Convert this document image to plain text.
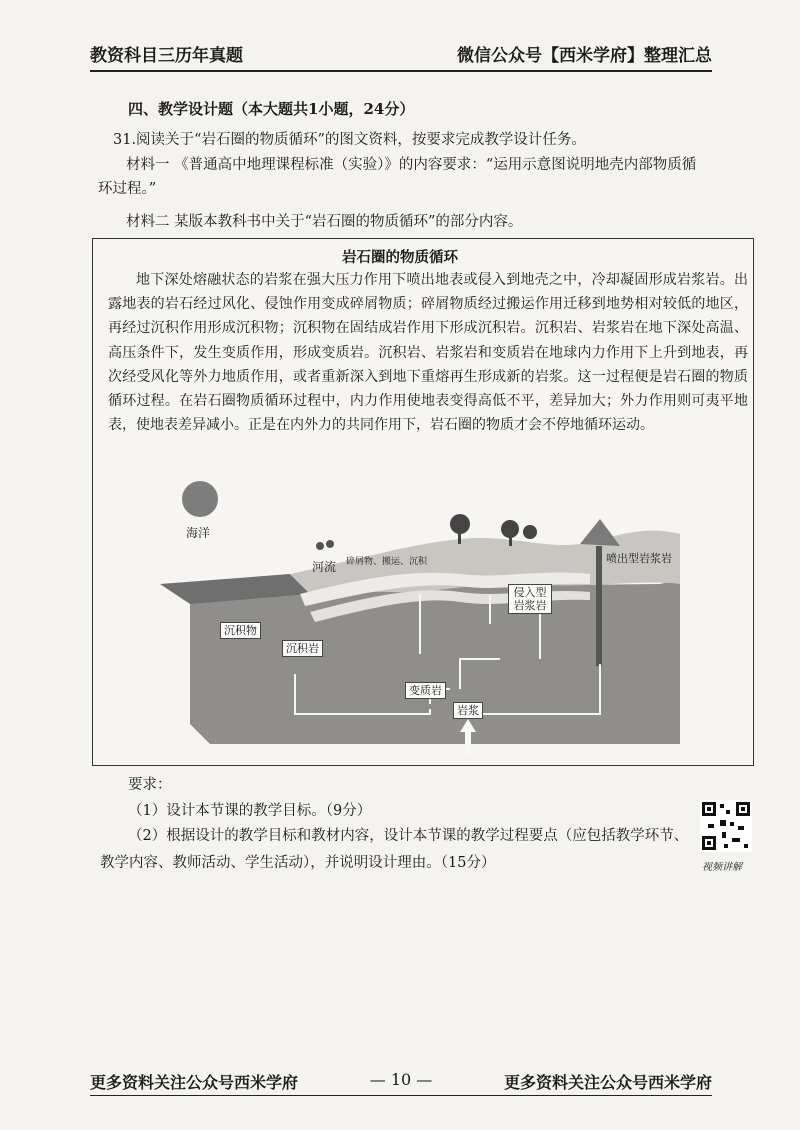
教资科目三历年真题	微信公众号【西米学府】整理汇总
四、教学设计题（本大题共1小题，24分）
31.阅读关于“岩石圈的物质循环”的图文资料，按要求完成教学设计任务。
材料一 《普通高中地理课程标准（实验）》的内容要求：“运用示意图说明地壳内部物质循环过程。”
材料二 某版本教科书中关于“岩石圈的物质循环”的部分内容。
岩石圈的物质循环
地下深处熔融状态的岩浆在强大压力作用下喷出地表或侵入到地壳之中，冷却凝固形成岩浆岩。出露地表的岩石经过风化、侵蚀作用变成碎屑物质；碎屑物质经过搬运作用迁移到地势相对较低的地区，再经过沉积作用形成沉积物；沉积物在固结成岩作用下形成沉积岩。沉积岩、岩浆岩在地下深处高温、高压条件下，发生变质作用，形成变质岩。沉积岩、岩浆岩和变质岩在地球内力作用下上升到地表，再次经受风化等外力地质作用，或者重新深入到地下重熔再生形成新的岩浆。这一过程便是岩石圈的物质循环过程。在岩石圈物质循环过程中，内力作用使地表变得高低不平，差异加大；外力作用则可夷平地表，使地表差异减小。正是在内外力的共同作用下，岩石圈的物质才会不停地循环运动。
海洋
河流 碎屑物、搬运、沉积
沉积物
沉积岩
变质岩
岩浆
侵入型岩浆岩
喷出型岩浆岩
要求：
（1）设计本节课的教学目标。（9分）
（2）根据设计的教学目标和教材内容，设计本节课的教学过程要点（应包括教学环节、教学内容、教师活动、学生活动），并说明设计理由。（15分）	视频讲解
更多资料关注公众号西米学府	— 10 —	更多资料关注公众号西米学府
